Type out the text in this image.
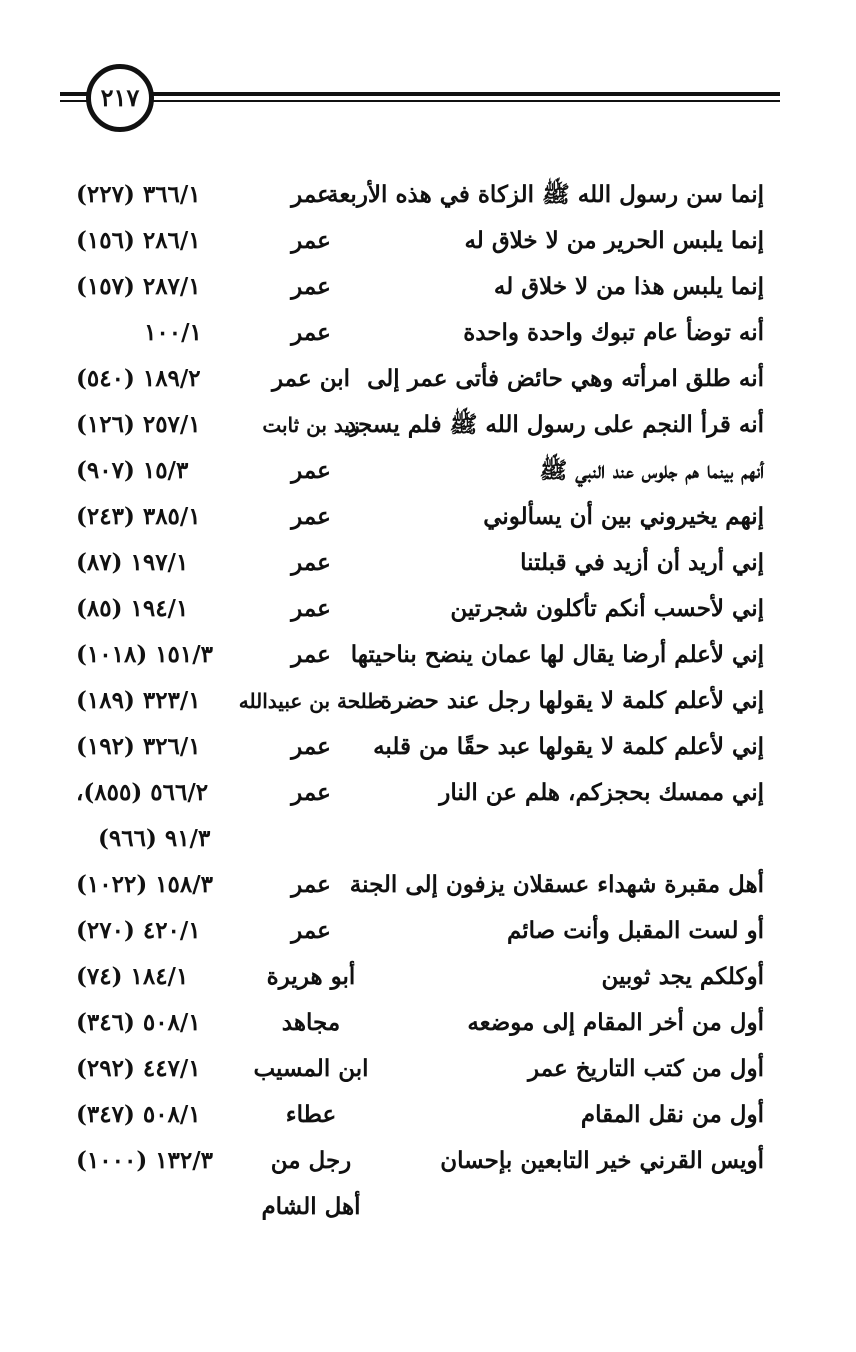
٢١٧
إنما سن رسول الله ﷺ الزكاة في هذه الأربعة
عمر
٣٦٦/١ (٢٢٧)
إنما يلبس الحرير من لا خلاق له
عمر
٢٨٦/١ (١٥٦)
إنما يلبس هذا من لا خلاق له
عمر
٢٨٧/١ (١٥٧)
أنه توضأ عام تبوك واحدة واحدة
عمر
١٠٠/١
أنه طلق امرأته وهي حائض فأتى عمر إلى
ابن عمر
١٨٩/٢ (٥٤٠)
أنه قرأ النجم على رسول الله ﷺ فلم يسجد
زيد بن ثابت
٢٥٧/١ (١٢٦)
أنهم بينما هم جلوس عند النبي ﷺ
عمر
١٥/٣ (٩٠٧)
إنهم يخيروني بين أن يسألوني
عمر
٣٨٥/١ (٢٤٣)
إني أريد أن أزيد في قبلتنا
عمر
١٩٧/١ (٨٧)
إني لأحسب أنكم تأكلون شجرتين
عمر
١٩٤/١ (٨٥)
إني لأعلم أرضا يقال لها عمان ينضح بناحيتها
عمر
١٥١/٣ (١٠١٨)
إني لأعلم كلمة لا يقولها رجل عند حضرة
طلحة بن عبيدالله
٣٢٣/١ (١٨٩)
إني لأعلم كلمة لا يقولها عبد حقًا من قلبه
عمر
٣٢٦/١ (١٩٢)
إني ممسك بحجزكم، هلم عن النار
عمر
٥٦٦/٢ (٨٥٥)،
٩١/٣ (٩٦٦)
أهل مقبرة شهداء عسقلان يزفون إلى الجنة
عمر
١٥٨/٣ (١٠٢٢)
أو لست المقبل وأنت صائم
عمر
٤٢٠/١ (٢٧٠)
أوكلكم يجد ثوبين
أبو هريرة
١٨٤/١ (٧٤)
أول من أخر المقام إلى موضعه
مجاهد
٥٠٨/١ (٣٤٦)
أول من كتب التاريخ عمر
ابن المسيب
٤٤٧/١ (٢٩٢)
أول من نقل المقام
عطاء
٥٠٨/١ (٣٤٧)
أويس القرني خير التابعين بإحسان
رجل من
١٣٢/٣ (١٠٠٠)
أهل الشام
